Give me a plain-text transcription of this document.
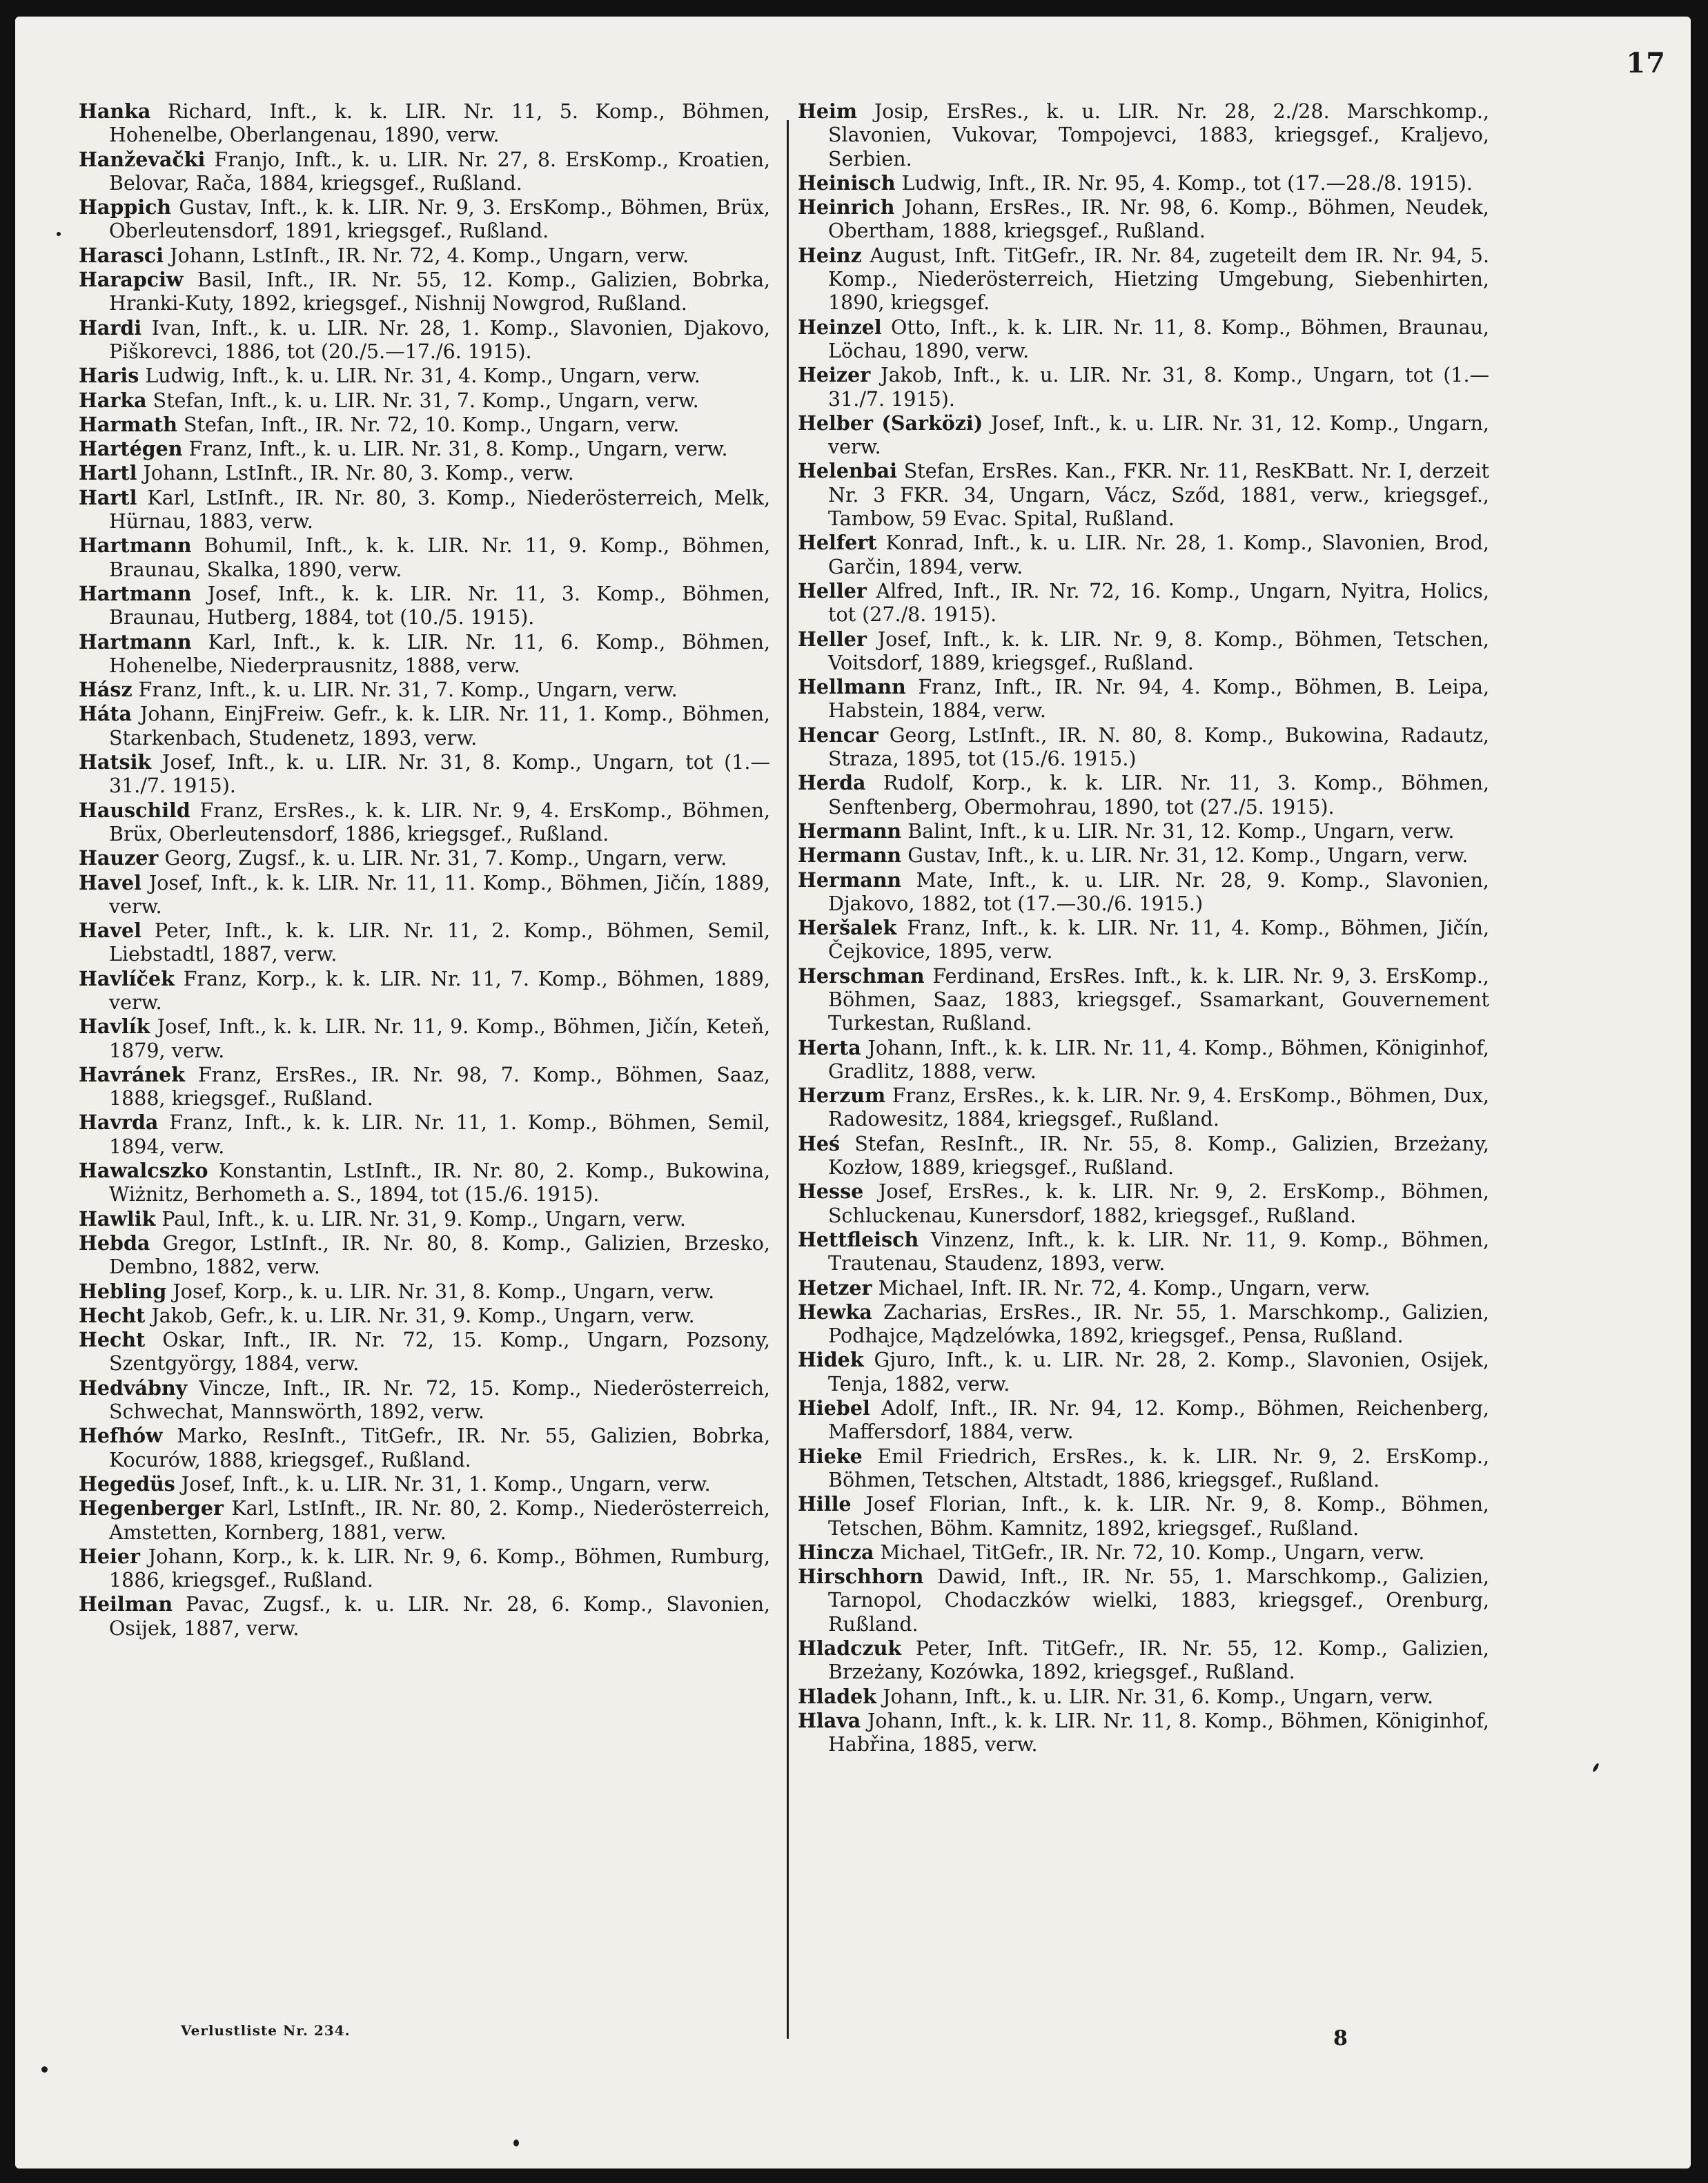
17

Hanka Richard, Inft., k. k. LIR. Nr. 11, 5. Komp., Böhmen, Hohenelbe, Oberlangenau, 1890, verw.

Hanževački Franjo, Inft., k. u. LIR. Nr. 27, 8. ErsKomp., Kroatien, Belovar, Rača, 1884, kriegsgef., Rußland.

Happich Gustav, Inft., k. k. LIR. Nr. 9, 3. ErsKomp., Böhmen, Brüx, Oberleutensdorf, 1891, kriegsgef., Rußland.

Harasci Johann, LstInft., IR. Nr. 72, 4. Komp., Ungarn, verw.

Harapciw Basil, Inft., IR. Nr. 55, 12. Komp., Galizien, Bobrka, Hranki-Kuty, 1892, kriegsgef., Nishnij Nowgrod, Rußland.

Hardi Ivan, Inft., k. u. LIR. Nr. 28, 1. Komp., Slavonien, Djakovo, Piškorevci, 1886, tot (20./5.—17./6. 1915).

Haris Ludwig, Inft., k. u. LIR. Nr. 31, 4. Komp., Ungarn, verw.

Harka Stefan, Inft., k. u. LIR. Nr. 31, 7. Komp., Ungarn, verw.

Harmath Stefan, Inft., IR. Nr. 72, 10. Komp., Ungarn, verw.

Hartégen Franz, Inft., k. u. LIR. Nr. 31, 8. Komp., Ungarn, verw.

Hartl Johann, LstInft., IR. Nr. 80, 3. Komp., verw.

Hartl Karl, LstInft., IR. Nr. 80, 3. Komp., Niederösterreich, Melk, Hürnau, 1883, verw.

Hartmann Bohumil, Inft., k. k. LIR. Nr. 11, 9. Komp., Böhmen, Braunau, Skalka, 1890, verw.

Hartmann Josef, Inft., k. k. LIR. Nr. 11, 3. Komp., Böhmen, Braunau, Hutberg, 1884, tot (10./5. 1915).

Hartmann Karl, Inft., k. k. LIR. Nr. 11, 6. Komp., Böhmen, Hohenelbe, Niederprausnitz, 1888, verw.

Hász Franz, Inft., k. u. LIR. Nr. 31, 7. Komp., Ungarn, verw.

Háta Johann, EinjFreiw. Gefr., k. k. LIR. Nr. 11, 1. Komp., Böhmen, Starkenbach, Studenetz, 1893, verw.

Hatsik Josef, Inft., k. u. LIR. Nr. 31, 8. Komp., Ungarn, tot (1.—31./7. 1915).

Hauschild Franz, ErsRes., k. k. LIR. Nr. 9, 4. ErsKomp., Böhmen, Brüx, Oberleutensdorf, 1886, kriegsgef., Rußland.

Hauzer Georg, Zugsf., k. u. LIR. Nr. 31, 7. Komp., Ungarn, verw.

Havel Josef, Inft., k. k. LIR. Nr. 11, 11. Komp., Böhmen, Jičín, 1889, verw.

Havel Peter, Inft., k. k. LIR. Nr. 11, 2. Komp., Böhmen, Semil, Liebstadtl, 1887, verw.

Havlíček Franz, Korp., k. k. LIR. Nr. 11, 7. Komp., Böhmen, 1889, verw.

Havlík Josef, Inft., k. k. LIR. Nr. 11, 9. Komp., Böhmen, Jičín, Keteň, 1879, verw.

Havránek Franz, ErsRes., IR. Nr. 98, 7. Komp., Böhmen, Saaz, 1888, kriegsgef., Rußland.

Havrda Franz, Inft., k. k. LIR. Nr. 11, 1. Komp., Böhmen, Semil, 1894, verw.

Hawalcszko Konstantin, LstInft., IR. Nr. 80, 2. Komp., Bukowina, Wiżnitz, Berhometh a. S., 1894, tot (15./6. 1915).

Hawlik Paul, Inft., k. u. LIR. Nr. 31, 9. Komp., Ungarn, verw.

Hebda Gregor, LstInft., IR. Nr. 80, 8. Komp., Galizien, Brzesko, Dembno, 1882, verw.

Hebling Josef, Korp., k. u. LIR. Nr. 31, 8. Komp., Ungarn, verw.

Hecht Jakob, Gefr., k. u. LIR. Nr. 31, 9. Komp., Ungarn, verw.

Hecht Oskar, Inft., IR. Nr. 72, 15. Komp., Ungarn, Pozsony, Szentgyörgy, 1884, verw.

Hedvábny Vincze, Inft., IR. Nr. 72, 15. Komp., Niederösterreich, Schwechat, Mannswörth, 1892, verw.

Hefhów Marko, ResInft., TitGefr., IR. Nr. 55, Galizien, Bobrka, Kocurów, 1888, kriegsgef., Rußland.

Hegedüs Josef, Inft., k. u. LIR. Nr. 31, 1. Komp., Ungarn, verw.

Hegenberger Karl, LstInft., IR. Nr. 80, 2. Komp., Niederösterreich, Amstetten, Kornberg, 1881, verw.

Heier Johann, Korp., k. k. LIR. Nr. 9, 6. Komp., Böhmen, Rumburg, 1886, kriegsgef., Rußland.

Heilman Pavac, Zugsf., k. u. LIR. Nr. 28, 6. Komp., Slavonien, Osijek, 1887, verw.

Heim Josip, ErsRes., k. u. LIR. Nr. 28, 2./28. Marschkomp., Slavonien, Vukovar, Tompojevci, 1883, kriegsgef., Kraljevo, Serbien.

Heinisch Ludwig, Inft., IR. Nr. 95, 4. Komp., tot (17.—28./8. 1915).

Heinrich Johann, ErsRes., IR. Nr. 98, 6. Komp., Böhmen, Neudek, Obertham, 1888, kriegsgef., Rußland.

Heinz August, Inft. TitGefr., IR. Nr. 84, zugeteilt dem IR. Nr. 94, 5. Komp., Niederösterreich, Hietzing Umgebung, Siebenhirten, 1890, kriegsgef.

Heinzel Otto, Inft., k. k. LIR. Nr. 11, 8. Komp., Böhmen, Braunau, Löchau, 1890, verw.

Heizer Jakob, Inft., k. u. LIR. Nr. 31, 8. Komp., Ungarn, tot (1.—31./7. 1915).

Helber (Sarközi) Josef, Inft., k. u. LIR. Nr. 31, 12. Komp., Ungarn, verw.

Helenbai Stefan, ErsRes. Kan., FKR. Nr. 11, ResKBatt. Nr. I, derzeit Nr. 3 FKR. 34, Ungarn, Vácz, Sződ, 1881, verw., kriegsgef., Tambow, 59 Evac. Spital, Rußland.

Helfert Konrad, Inft., k. u. LIR. Nr. 28, 1. Komp., Slavonien, Brod, Garčin, 1894, verw.

Heller Alfred, Inft., IR. Nr. 72, 16. Komp., Ungarn, Nyitra, Holics, tot (27./8. 1915).

Heller Josef, Inft., k. k. LIR. Nr. 9, 8. Komp., Böhmen, Tetschen, Voitsdorf, 1889, kriegsgef., Rußland.

Hellmann Franz, Inft., IR. Nr. 94, 4. Komp., Böhmen, B. Leipa, Habstein, 1884, verw.

Hencar Georg, LstInft., IR. N. 80, 8. Komp., Bukowina, Radautz, Straza, 1895, tot (15./6. 1915.)

Herda Rudolf, Korp., k. k. LIR. Nr. 11, 3. Komp., Böhmen, Senftenberg, Obermohrau, 1890, tot (27./5. 1915).

Hermann Balint, Inft., k u. LIR. Nr. 31, 12. Komp., Ungarn, verw.

Hermann Gustav, Inft., k. u. LIR. Nr. 31, 12. Komp., Ungarn, verw.

Hermann Mate, Inft., k. u. LIR. Nr. 28, 9. Komp., Slavonien, Djakovo, 1882, tot (17.—30./6. 1915.)

Heršalek Franz, Inft., k. k. LIR. Nr. 11, 4. Komp., Böhmen, Jičín, Čejkovice, 1895, verw.

Herschman Ferdinand, ErsRes. Inft., k. k. LIR. Nr. 9, 3. ErsKomp., Böhmen, Saaz, 1883, kriegsgef., Ssamarkant, Gouvernement Turkestan, Rußland.

Herta Johann, Inft., k. k. LIR. Nr. 11, 4. Komp., Böhmen, Königinhof, Gradlitz, 1888, verw.

Herzum Franz, ErsRes., k. k. LIR. Nr. 9, 4. ErsKomp., Böhmen, Dux, Radowesitz, 1884, kriegsgef., Rußland.

Heś Stefan, ResInft., IR. Nr. 55, 8. Komp., Galizien, Brzeżany, Kozłow, 1889, kriegsgef., Rußland.

Hesse Josef, ErsRes., k. k. LIR. Nr. 9, 2. ErsKomp., Böhmen, Schluckenau, Kunersdorf, 1882, kriegsgef., Rußland.

Hettfleisch Vinzenz, Inft., k. k. LIR. Nr. 11, 9. Komp., Böhmen, Trautenau, Staudenz, 1893, verw.

Hetzer Michael, Inft. IR. Nr. 72, 4. Komp., Ungarn, verw.

Hewka Zacharias, ErsRes., IR. Nr. 55, 1. Marschkomp., Galizien, Podhajce, Mądzelówka, 1892, kriegsgef., Pensa, Rußland.

Hidek Gjuro, Inft., k. u. LIR. Nr. 28, 2. Komp., Slavonien, Osijek, Tenja, 1882, verw.

Hiebel Adolf, Inft., IR. Nr. 94, 12. Komp., Böhmen, Reichenberg, Maffersdorf, 1884, verw.

Hieke Emil Friedrich, ErsRes., k. k. LIR. Nr. 9, 2. ErsKomp., Böhmen, Tetschen, Altstadt, 1886, kriegsgef., Rußland.

Hille Josef Florian, Inft., k. k. LIR. Nr. 9, 8. Komp., Böhmen, Tetschen, Böhm. Kamnitz, 1892, kriegsgef., Rußland.

Hincza Michael, TitGefr., IR. Nr. 72, 10. Komp., Ungarn, verw.

Hirschhorn Dawid, Inft., IR. Nr. 55, 1. Marschkomp., Galizien, Tarnopol, Chodaczków wielki, 1883, kriegsgef., Orenburg, Rußland.

Hladczuk Peter, Inft. TitGefr., IR. Nr. 55, 12. Komp., Galizien, Brzeżany, Kozówka, 1892, kriegsgef., Rußland.

Hladek Johann, Inft., k. u. LIR. Nr. 31, 6. Komp., Ungarn, verw.

Hlava Johann, Inft., k. k. LIR. Nr. 11, 8. Komp., Böhmen, Königinhof, Habřina, 1885, verw.

Verlustliste Nr. 234.	8
